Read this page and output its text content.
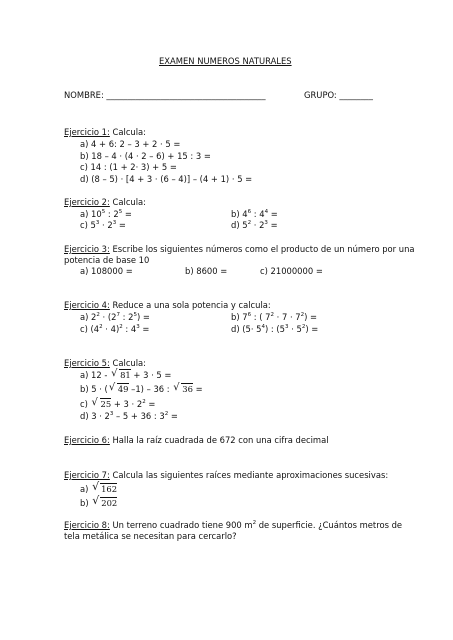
EXAMEN NUMEROS NATURALES
NOMBRE: ______________________________________	GRUPO: ________
Ejercicio 1: Calcula:
a) 4 + 6: 2 – 3 + 2 · 5 =
b) 18 – 4 · (4 · 2 – 6) + 15 : 3 =
c) 14 : (1 + 2· 3) + 5 =
d) (8 – 5) · [4 + 3 · (6 – 4)] – (4 + 1) · 5 =
Ejercicio 2: Calcula:
a) $10^5$ : $2^5$ =	b) $4^6$ : $4^4$ =
c) $5^3 \cdot 2^3$ =	d) $5^2 \cdot 2^3$ =
Ejercicio 3: Escribe los siguientes números como el producto de un número por una
potencia de base 10
a) 108000 =	b) 8600 =	c) 21000000 =
Ejercicio 4: Reduce a una sola potencia y calcula:
a) $2^2 \cdot (2^7$ : $2^5$) =	b) $7^6$ : ( $7^2 \cdot 7 \cdot 7^2$) =
c) $(4^2 \cdot 4)^2$ : $4^3$ =	d) $(5\cdot 5^4)$ : $(5^3 \cdot 5^2)$ =
Ejercicio 5: Calcula:
a) 12 - √ 81 + 3 · 5 =
b) 5 · ( √ 49 –1) – 36 : √ 36 =
c) √ $25 + 3 \cdot 2^2$ =
d) $3 \cdot 2^3 - 5 + 36$ : $3^2$ =
Ejercicio 6: Halla la raíz cuadrada de 672 con una cifra decimal
Ejercicio 7: Calcula las siguientes raíces mediante aproximaciones sucesivas:
a) √ 162
b) √ 202
Ejercicio 8: Un terreno cuadrado tiene 900 $m^2$ de superficie. ¿Cuántos metros de
tela metálica se necesitan para cercarlo?
